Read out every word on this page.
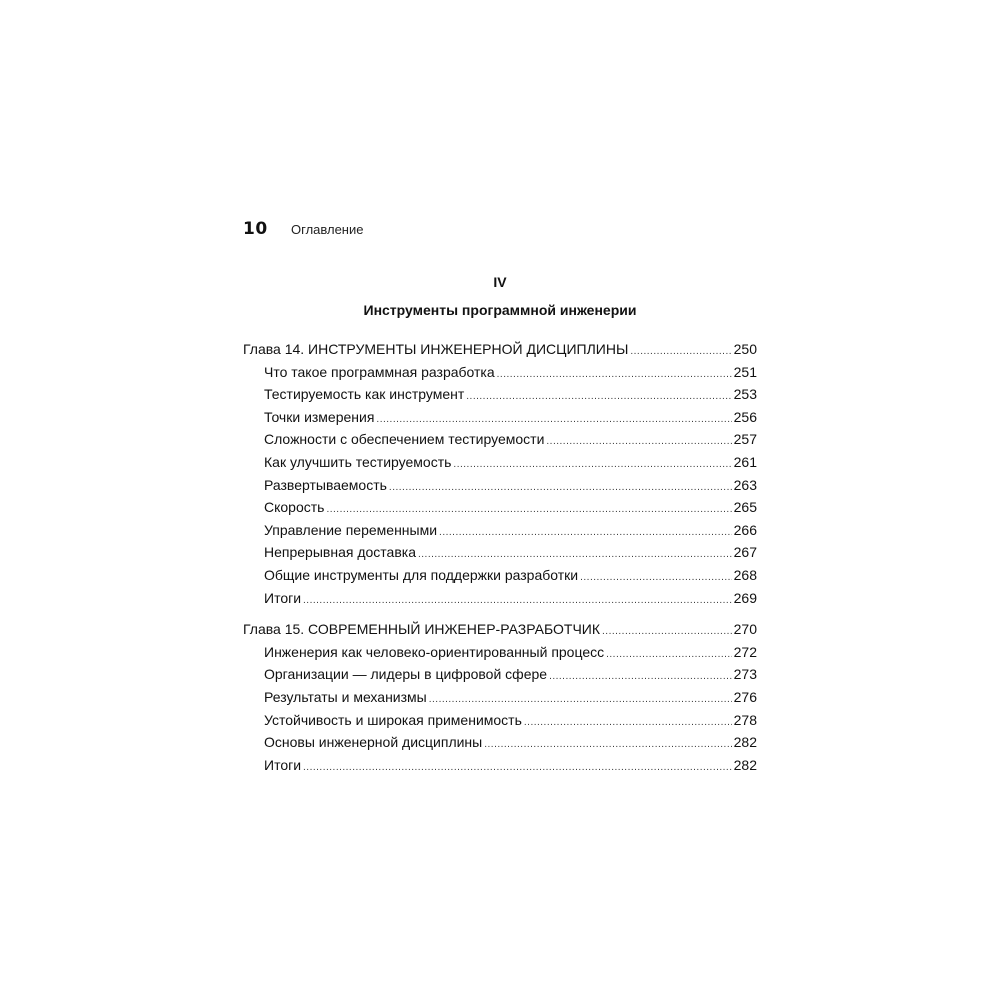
10	Оглавление
IV
Инструменты программной инженерии
Глава 14. ИНСТРУМЕНТЫ ИНЖЕНЕРНОЙ ДИСЦИПЛИНЫ .....	250
Что такое программная разработка .....	251
Тестируемость как инструмент .....	253
Точки измерения .....	256
Сложности с обеспечением тестируемости .....	257
Как улучшить тестируемость .....	261
Развертываемость .....	263
Скорость .....	265
Управление переменными .....	266
Непрерывная доставка .....	267
Общие инструменты для поддержки разработки .....	268
Итоги .....	269
Глава 15. СОВРЕМЕННЫЙ ИНЖЕНЕР-РАЗРАБОТЧИК .....	270
Инженерия как человеко-ориентированный процесс .....	272
Организации — лидеры в цифровой сфере .....	273
Результаты и механизмы .....	276
Устойчивость и широкая применимость .....	278
Основы инженерной дисциплины .....	282
Итоги .....	282
